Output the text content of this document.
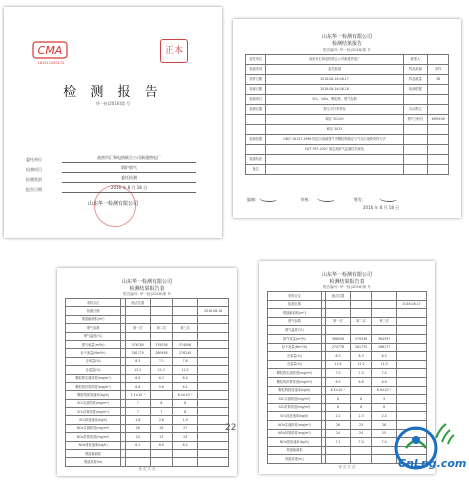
CMA
181511050170
正本
检 测 报 告
华一检(2016)第 号
委托单位	高密市汇和电热联合公司新建热电厂
检测项目	锅炉烟气
检测类别	委托检测
报告日期	2016 年 8 月 18 日
山东华一检测有限公司
山东华一检测有限公司
检测结果报告
报告编号: 华一检(2016)第 号
委托单位	高密市汇和电热联合公司新建热电厂	联系人	
检测类别	委托检测	样品来源	采样
采样日期	2016.08.16-08.17	样品数量	38
检测日期	2016.08.16-08.18	检测依据	
检测项目	SO₂、NOx、颗粒物、烟气参数		
检测仪器	烟尘平行采样仪	自动烟尘	
	崂应 3012H	烟气分析仪	KM9106
	崂应 3023		
检测依据	GB/T 16157-1996 固定污染源排气中颗粒物测定与气态污染物采样方法		
	HJ/T 397-2007 固定源废气监测技术规范		
检测结论			
备注			
编制:	审核:	签发:
2016 年 8 月 18 日
山东华一检测有限公司
检测结果报告表
报告编号: 华一检(2016)第 号
采样点位		测点位置			
检测日期					2016.08.16
烟道截面积(m²)					
烟气参数		第一次	第二次	第三次	
烟气温度(℃)					
排气流量(m³/h)		376780	379336	374006	
标干流量(Nm³/h)		281770	280958	276240	
含氧量(%)		8.3	7.1	7.8	
含湿量(%)		12.2	11.2	12.2	
颗粒物实测浓度(mg/m³)		6.9	6.7	6.4	
颗粒物折算浓度(mg/m³)		6.8	5.6	6.1	
颗粒物排放速率(kg/h)		7.1×10⁻¹		6.4×10⁻¹	
SO₂实测浓度(mg/m³)		7	8	8	
SO₂折算浓度(mg/m³)		7	7	8	
SO₂排放速率(kg/h)		1.8	2.6	1.9	
NOx实测浓度(mg/m³)		26	26	27	
NOx折算浓度(mg/m³)		24	23	24	
NOx排放速率(kg/h)		6.1	6.0	6.2	
烟道截面积					
烟道高度(m)					
第 页 共 页
山东华一检测有限公司
检测结果报告表
报告编号: 华一检(2016)第 号
采样点位		测点位置			
检测日期					2016.08.17
烟道截面积(m²)					
烟气参数		第一次	第二次	第三次	
烟气温度(℃)					
排气流量(m³/h)		368936	379336	364397	
标干流量(Nm³/h)		274778	281770	268177	
含氧量(%)		8.3	8.3	8.3	
含湿量(%)		11.6	12.2	11.5	
颗粒物实测浓度(mg/m³)		7.0	7.0	7.4	
颗粒物折算浓度(mg/m³)		6.5	6.8	6.9	
颗粒物排放速率(kg/h)		6.5×10⁻¹		6.9×10⁻¹	
SO₂实测浓度(mg/m³)		8	8	9	
SO₂折算浓度(mg/m³)		8	8	8	
SO₂排放速率(kg/h)		2.2	2.3	2.4	
NOx实测浓度(mg/m³)		26	25	26	
NOx折算浓度(mg/m³)		24	24	25	
NOx排放速率(kg/h)		7.1	7.0	7.0	
烟道截面积					
烟道高度(m)					
第 页 共 页
22
CnLng.com
